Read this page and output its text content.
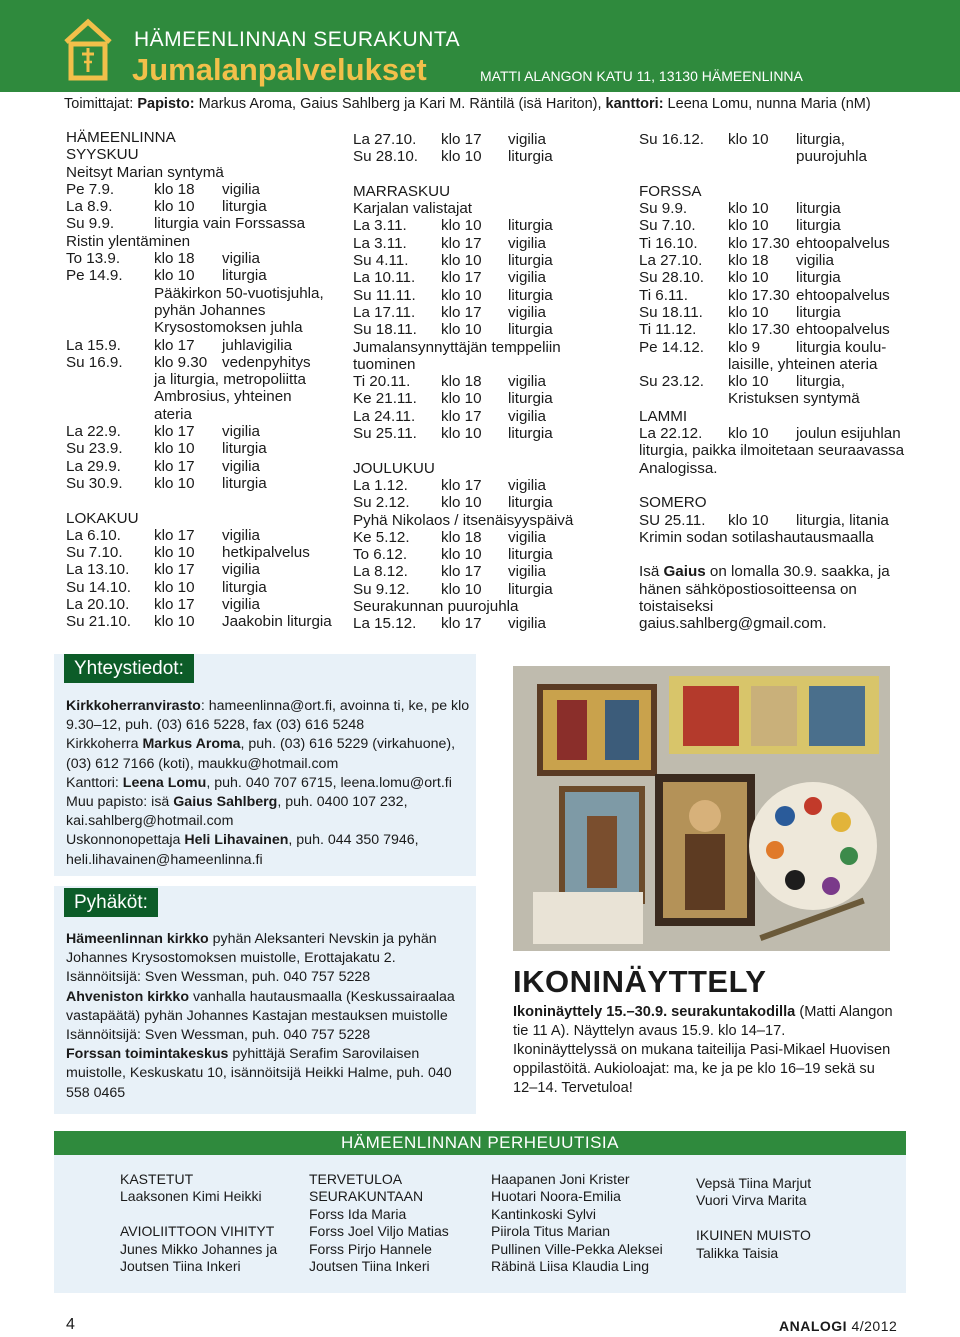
HÄMEENLINNAN SEURAKUNTA
Jumalanpalvelukset	MATTI ALANGON KATU 11, 13130 HÄMEENLINNA
Toimittajat: Papisto: Markus Aroma, Gaius Sahlberg ja Kari M. Räntilä (isä Hariton), kanttori: Leena Lomu, nunna Maria (nM)
HÄMEENLINNA
SYYSKUU
Neitsyt Marian syntymä
Pe 7.9.	klo 18	vigilia
La 8.9.	klo 10	liturgia
Su 9.9.	liturgia vain Forssassa
Ristin ylentäminen
To 13.9.	klo 18	vigilia
Pe 14.9.	klo 10	liturgia
Pääkirkon 50-vuotisjuhla, pyhän Johannes Krysostomoksen juhla
La 15.9.	klo 17	juhlavigilia
Su 16.9.	klo 9.30 vedenpyhitys
ja liturgia, metropoliitta Ambrosius, yhteinen ateria
La 22.9.	klo 17	vigilia
Su 23.9.	klo 10	liturgia
La 29.9.	klo 17	vigilia
Su 30.9.	klo 10	liturgia
LOKAKUU
La 6.10.	klo 17	vigilia
Su 7.10.	klo 10	hetkipalvelus
La 13.10.	klo 17	vigilia
Su 14.10.	klo 10	liturgia
La 20.10.	klo 17	vigilia
Su 21.10.	klo 10	Jaakobin liturgia
La 27.10.	klo 17	vigilia
Su 28.10.	klo 10	liturgia
MARRASKUU
Karjalan valistajat
La 3.11.	klo 10	liturgia
La 3.11.	klo 17	vigilia
Su 4.11.	klo 10	liturgia
La 10.11.	klo 17	vigilia
Su 11.11.	klo 10	liturgia
La 17.11.	klo 17	vigilia
Su 18.11.	klo 10	liturgia
Jumalansynnyttäjän temppeliin tuominen
Ti 20.11.	klo 18	vigilia
Ke 21.11.	klo 10	liturgia
La 24.11.	klo 17	vigilia
Su 25.11.	klo 10	liturgia
JOULUKUU
La 1.12.	klo 17	vigilia
Su 2.12.	klo 10	liturgia
Pyhä Nikolaos / itsenäisyyspäivä
Ke 5.12.	klo 18	vigilia
To 6.12.	klo 10	liturgia
La 8.12.	klo 17	vigilia
Su 9.12.	klo 10	liturgia
Seurakunnan puurojuhla
La 15.12.	klo 17	vigilia
Su 16.12.	klo 10	liturgia,
puurojuhla
FORSSA
Su 9.9.	klo 10	liturgia
Su 7.10.	klo 10	liturgia
Ti 16.10.	klo 17.30 ehtoopalvelus
La 27.10.	klo 18	vigilia
Su 28.10.	klo 10	liturgia
Ti 6.11.	klo 17.30 ehtoopalvelus
Su 18.11.	klo 10	liturgia
Ti 11.12.	klo 17.30 ehtoopalvelus
Pe 14.12.	klo 9	liturgia koulu-
laisille, yhteinen ateria
Su 23.12.	klo 10	liturgia,
Kristuksen syntymä
LAMMI
La 22.12.	klo 10	joulun esijuhlan
liturgia, paikka ilmoitetaan seuraavassa Analogissa.
SOMERO
SU 25.11.	klo 10	liturgia, litania
Krimin sodan sotilashautausmaalla
Isä Gaius on lomalla 30.9. saakka, ja hänen sähköpostiosoitteensa on toistaiseksi gaius.sahlberg@gmail.com.
Yhteystiedot:
Kirkkoherranvirasto: hameenlinna@ort.fi, avoinna ti, ke, pe klo 9.30–12, puh. (03) 616 5228, fax (03) 616 5248
Kirkkoherra Markus Aroma, puh. (03) 616 5229 (virkahuone), (03) 612 7166 (koti), maukku@hotmail.com
Kanttori: Leena Lomu, puh. 040 707 6715, leena.lomu@ort.fi
Muu papisto: isä Gaius Sahlberg, puh. 0400 107 232, kai.sahlberg@hotmail.com
Uskonnonopettaja Heli Lihavainen, puh. 044 350 7946, heli.lihavainen@hameenlinna.fi
Pyhäköt:
Hämeenlinnan kirkko pyhän Aleksanteri Nevskin ja pyhän Johannes Krysostomoksen muistolle, Erottajakatu 2. Isännöitsijä: Sven Wessman, puh. 040 757 5228
Ahveniston kirkko vanhalla hautausmaalla (Keskussairaalaa vastapäätä) pyhän Johannes Kastajan mestauksen muistolle Isännöitsijä: Sven Wessman, puh. 040 757 5228
Forssan toimintakeskus pyhittäjä Serafim Sarovilaisen muistolle, Keskuskatu 10, isännöitsijä Heikki Halme, puh. 040 558 0465
IKONINÄYTTELY
Ikoninäyttely 15.–30.9. seurakuntakodilla (Matti Alangon tie 11 A). Näyttelyn avaus 15.9. klo 14–17. Ikoninäyttelyssä on mukana taiteilija Pasi-Mikael Huovisen oppilastöitä. Aukioloajat: ma, ke ja pe klo 16–19 sekä su 12–14. Tervetuloa!
HÄMEENLINNAN PERHEUUTISIA
KASTETUT
Laaksonen Kimi Heikki
AVIOLIITTOON VIHITYT
Junes Mikko Johannes ja
Joutsen Tiina Inkeri
TERVETULOA
SEURAKUNTAAN
Forss Ida Maria
Forss Joel Viljo Matias
Forss Pirjo Hannele
Joutsen Tiina Inkeri
Haapanen Joni Krister
Huotari Noora-Emilia
Kantinkoski Sylvi
Piirola Titus Marian
Pullinen Ville-Pekka Aleksei
Räbinä Liisa Klaudia Ling
Vepsä Tiina Marjut
Vuori Virva Marita
IKUINEN MUISTO
Talikka Taisia
4	ANALOGI 4/2012
